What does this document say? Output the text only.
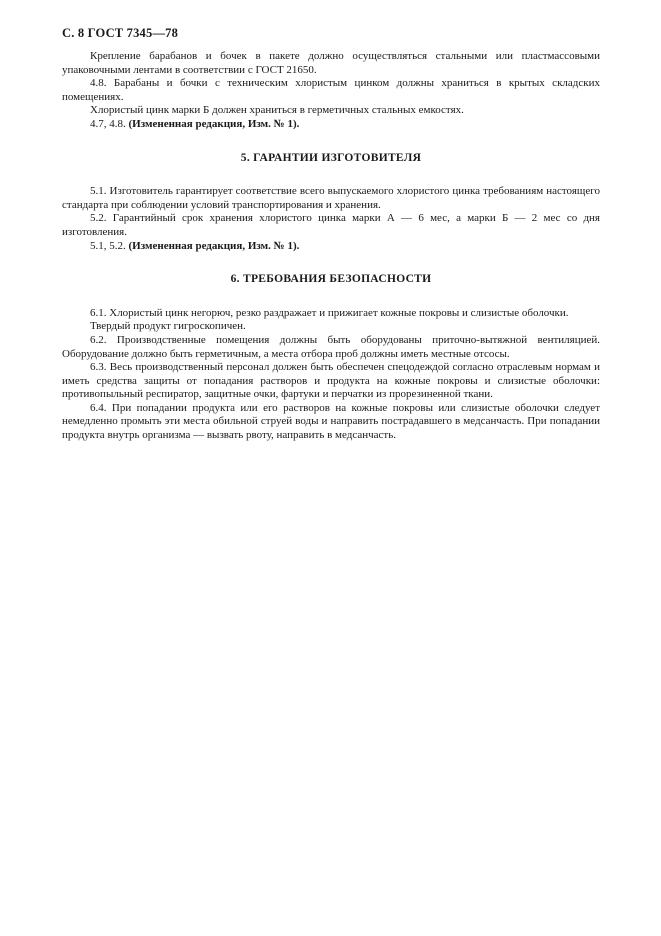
С. 8 ГОСТ 7345—78

Крепление барабанов и бочек в пакете должно осуществляться стальными или пластмассовыми упаковочными лентами в соответствии с ГОСТ 21650.

4.8. Барабаны и бочки с техническим хлористым цинком должны храниться в крытых складских помещениях.

Хлористый цинк марки Б должен храниться в герметичных стальных емкостях.

4.7, 4.8. (Измененная редакция, Изм. № 1).

5. ГАРАНТИИ ИЗГОТОВИТЕЛЯ

5.1. Изготовитель гарантирует соответствие всего выпускаемого хлористого цинка требованиям настоящего стандарта при соблюдении условий транспортирования и хранения.

5.2. Гарантийный срок хранения хлористого цинка марки А — 6 мес, а марки Б — 2 мес со дня изготовления.

5.1, 5.2. (Измененная редакция, Изм. № 1).

6. ТРЕБОВАНИЯ БЕЗОПАСНОСТИ

6.1. Хлористый цинк негорюч, резко раздражает и прижигает кожные покровы и слизистые оболочки.

Твердый продукт гигроскопичен.

6.2. Производственные помещения должны быть оборудованы приточно-вытяжной вентиляцией. Оборудование должно быть герметичным, а места отбора проб должны иметь местные отсосы.

6.3. Весь производственный персонал должен быть обеспечен спецодеждой согласно отраслевым нормам и иметь средства защиты от попадания растворов и продукта на кожные покровы и слизистые оболочки: противопыльный респиратор, защитные очки, фартуки и перчатки из прорезиненной ткани.

6.4. При попадании продукта или его растворов на кожные покровы или слизистые оболочки следует немедленно промыть эти места обильной струей воды и направить пострадавшего в медсанчасть. При попадании продукта внутрь организма — вызвать рвоту, направить в медсанчасть.
